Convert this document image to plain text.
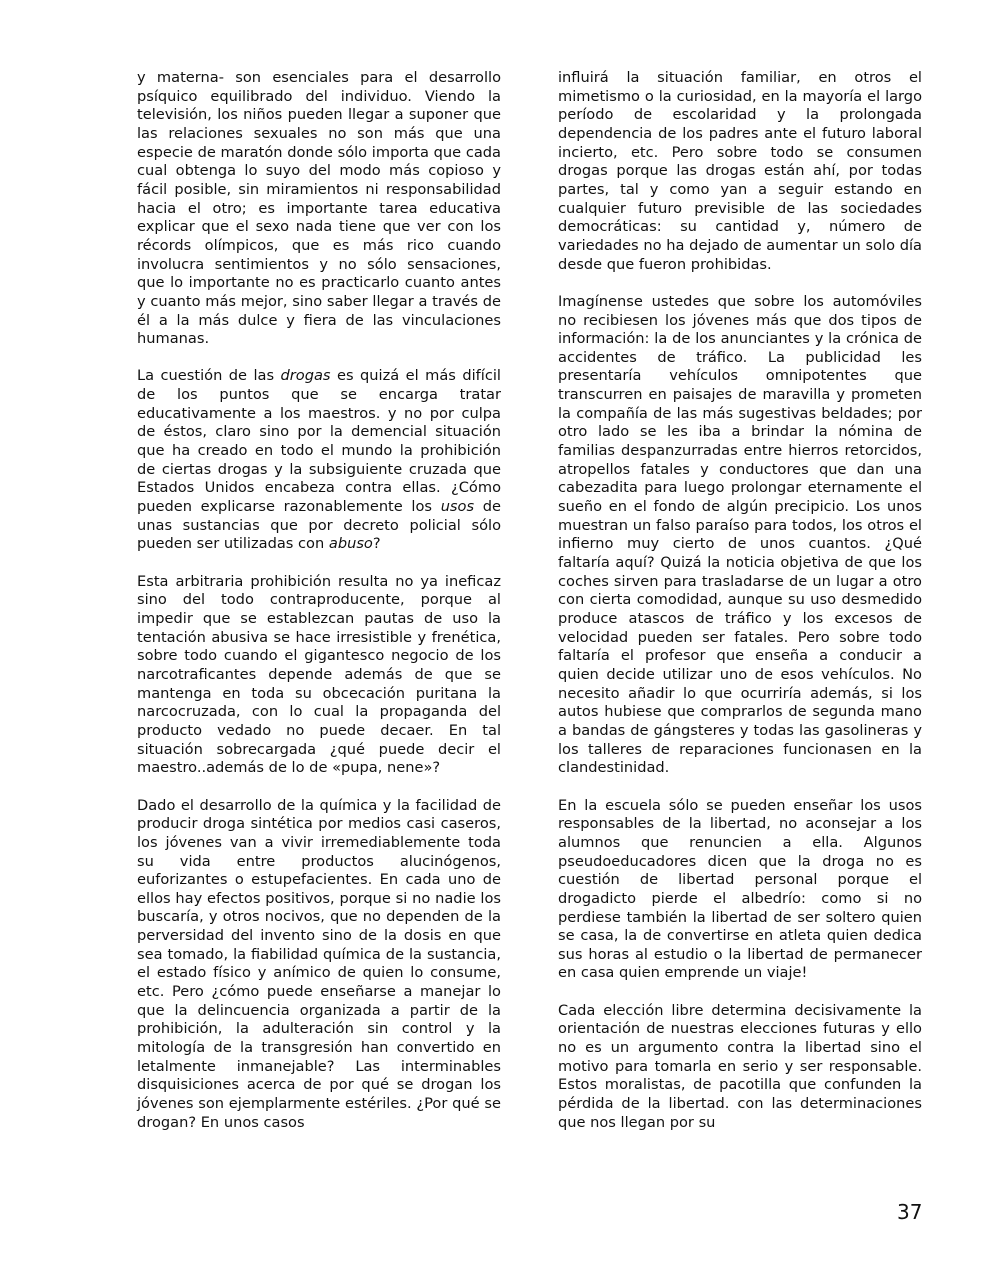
y materna- son esenciales para el desarrollo psíquico equilibrado del individuo. Viendo la televisión, los niños pueden llegar a suponer que las relaciones sexuales no son más que una especie de maratón donde sólo importa que cada cual obtenga lo suyo del modo más copioso y fácil posible, sin miramientos ni responsabilidad hacia el otro; es importante tarea educativa explicar que el sexo nada tiene que ver con los récords olímpicos, que es más rico cuando involucra sentimientos y no sólo sensaciones, que lo importante no es practicarlo cuanto antes y cuanto más mejor, sino saber llegar a través de él a la más dulce y fiera de las vinculaciones humanas.

La cuestión de las drogas es quizá el más difícil de los puntos que se encarga tratar educativamente a los maestros. y no por culpa de éstos, claro sino por la demencial situación que ha creado en todo el mundo la prohibición de ciertas drogas y la subsiguiente cruzada que Estados Unidos encabeza contra ellas. ¿Cómo pueden explicarse razonablemente los usos de unas sustancias que por decreto policial sólo pueden ser utilizadas con abuso?

Esta arbitraria prohibición resulta no ya ineficaz sino del todo contraproducente, porque al impedir que se establezcan pautas de uso la tentación abusiva se hace irresistible y frenética, sobre todo cuando el gigantesco negocio de los narcotraficantes depende además de que se mantenga en toda su obcecación puritana la narcocruzada, con lo cual la propaganda del producto vedado no puede decaer. En tal situación sobrecargada ¿qué puede decir el maestro..además de lo de «pupa, nene»?

Dado el desarrollo de la química y la facilidad de producir droga sintética por medios casi caseros, los jóvenes van a vivir irremediablemente toda su vida entre productos alucinógenos, euforizantes o estupefacientes. En cada uno de ellos hay efectos positivos, porque si no nadie los buscaría, y otros nocivos, que no dependen de la perversidad del invento sino de la dosis en que sea tomado, la fiabilidad química de la sustancia, el estado físico y anímico de quien lo consume, etc. Pero ¿cómo puede enseñarse a manejar lo que la delincuencia organizada a partir de la prohibición, la adulteración sin control y la mitología de la transgresión han convertido en letalmente inmanejable? Las interminables disquisiciones acerca de por qué se drogan los jóvenes son ejemplarmente estériles. ¿Por qué se drogan? En unos casos

influirá la situación familiar, en otros el mimetismo o la curiosidad, en la mayoría el largo período de escolaridad y la prolongada dependencia de los padres ante el futuro laboral incierto, etc. Pero sobre todo se consumen drogas porque las drogas están ahí, por todas partes, tal y como yan a seguir estando en cualquier futuro previsible de las sociedades democráticas: su cantidad y, número de variedades no ha dejado de aumentar un solo día desde que fueron prohibidas.

Imagínense ustedes que sobre los automóviles no recibiesen los jóvenes más que dos tipos de información: la de los anunciantes y la crónica de accidentes de tráfico. La publicidad les presentaría vehículos omnipotentes que transcurren en paisajes de maravilla y prometen la compañía de las más sugestivas beldades; por otro lado se les iba a brindar la nómina de familias despanzurradas entre hierros retorcidos, atropellos fatales y conductores que dan una cabezadita para luego prolongar eternamente el sueño en el fondo de algún precipicio. Los unos muestran un falso paraíso para todos, los otros el infierno muy cierto de unos cuantos. ¿Qué faltaría aquí? Quizá la noticia objetiva de que los coches sirven para trasladarse de un lugar a otro con cierta comodidad, aunque su uso desmedido produce atascos de tráfico y los excesos de velocidad pueden ser fatales. Pero sobre todo faltaría el profesor que enseña a conducir a quien decide utilizar uno de esos vehículos. No necesito añadir lo que ocurriría además, si los autos hubiese que comprarlos de segunda mano a bandas de gángsteres y todas las gasolineras y los talleres de reparaciones funcionasen en la clandestinidad.

En la escuela sólo se pueden enseñar los usos responsables de la libertad, no aconsejar a los alumnos que renuncien a ella. Algunos pseudoeducadores dicen que la droga no es cuestión de libertad personal porque el drogadicto pierde el albedrío: como si no perdiese también la libertad de ser soltero quien se casa, la de convertirse en atleta quien dedica sus horas al estudio o la libertad de permanecer en casa quien emprende un viaje!

Cada elección libre determina decisivamente la orientación de nuestras elecciones futuras y ello no es un argumento contra la libertad sino el motivo para tomarla en serio y ser responsable. Estos moralistas, de pacotilla que confunden la pérdida de la libertad. con las determinaciones que nos llegan por su

37
